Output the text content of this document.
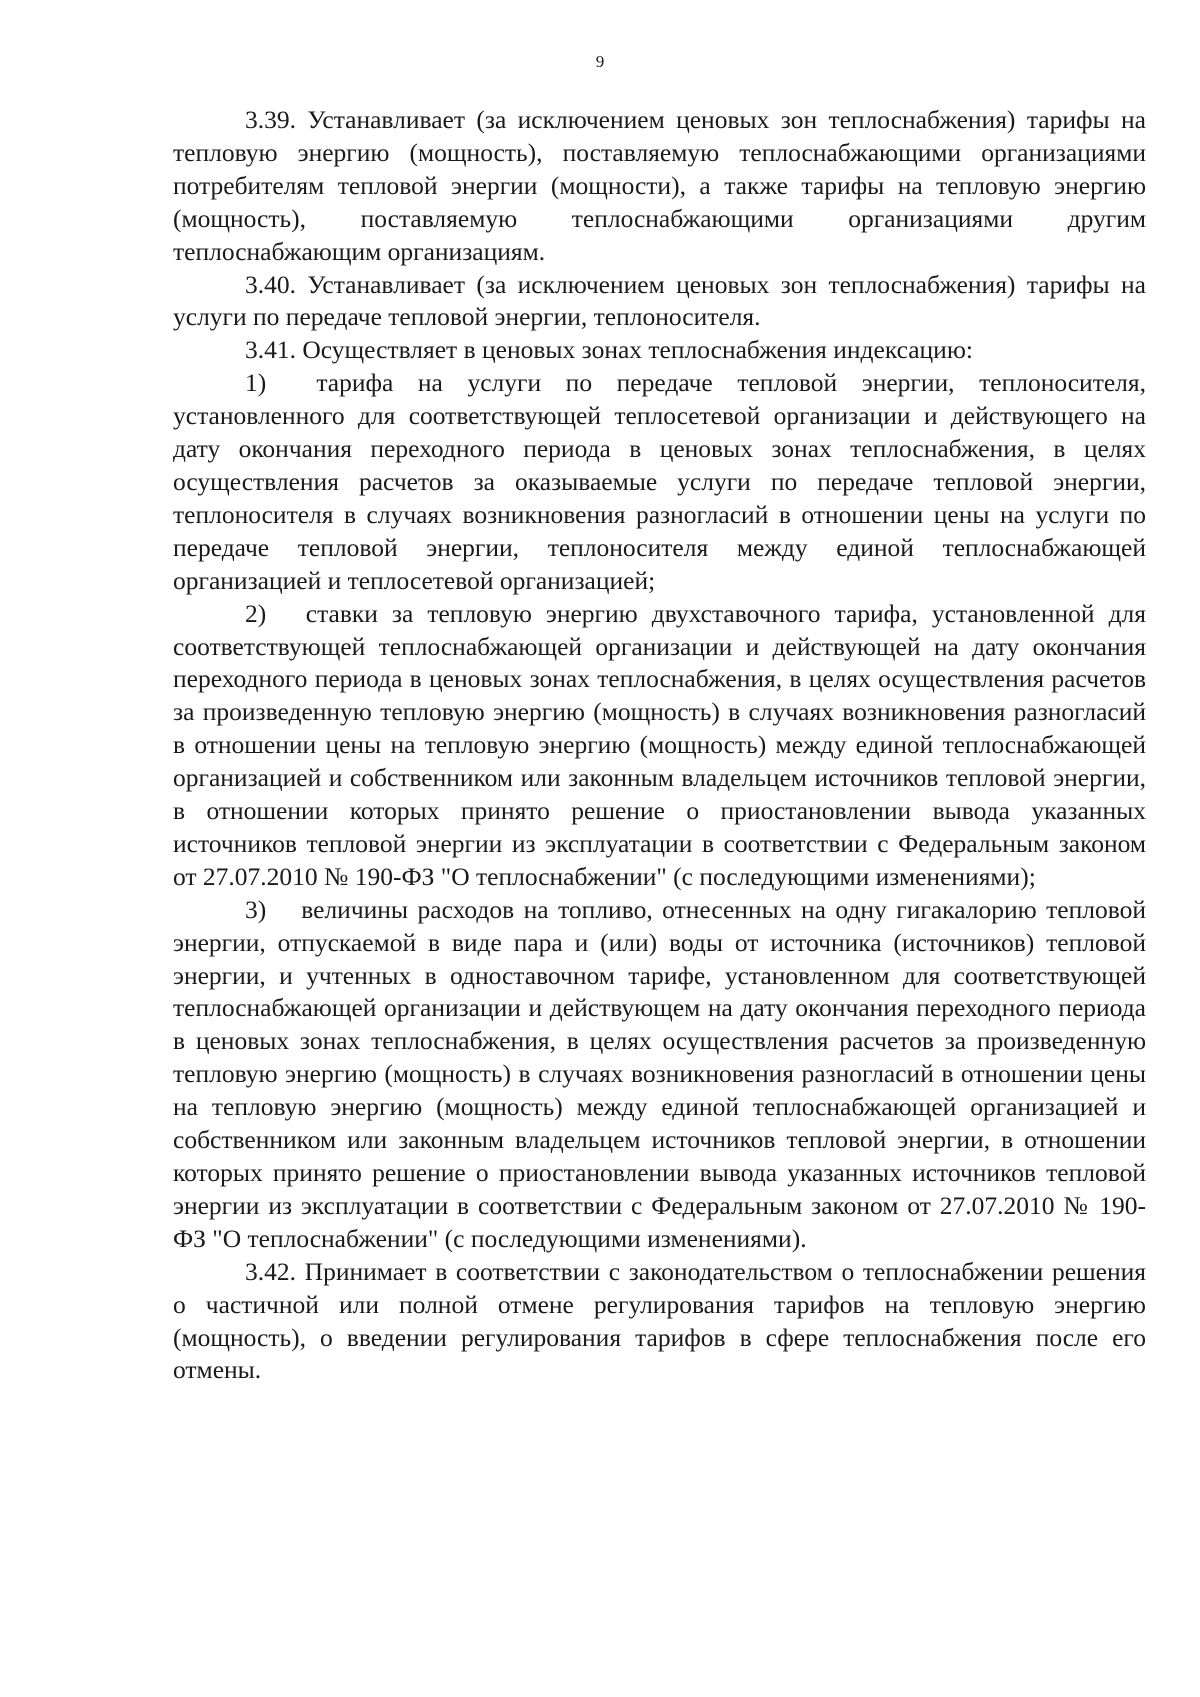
9

3.39. Устанавливает (за исключением ценовых зон теплоснабжения) тарифы на тепловую энергию (мощность), поставляемую теплоснабжающими организациями потребителям тепловой энергии (мощности), а также тарифы на тепловую энергию (мощность), поставляемую теплоснабжающими организациями другим теплоснабжающим организациям.

3.40. Устанавливает (за исключением ценовых зон теплоснабжения) тарифы на услуги по передаче тепловой энергии, теплоносителя.

3.41. Осуществляет в ценовых зонах теплоснабжения индексацию:

1)  тарифа на услуги по передаче тепловой энергии, теплоносителя, установленного для соответствующей теплосетевой организации и действующего на дату окончания переходного периода в ценовых зонах теплоснабжения, в целях осуществления расчетов за оказываемые услуги по передаче тепловой энергии, теплоносителя в случаях возникновения разногласий в отношении цены на услуги по передаче тепловой энергии, теплоносителя между единой теплоснабжающей организацией и теплосетевой организацией;

2)  ставки за тепловую энергию двухставочного тарифа, установленной для соответствующей теплоснабжающей организации и действующей на дату окончания переходного периода в ценовых зонах теплоснабжения, в целях осуществления расчетов за произведенную тепловую энергию (мощность) в случаях возникновения разногласий в отношении цены на тепловую энергию (мощность) между единой теплоснабжающей организацией и собственником или законным владельцем источников тепловой энергии, в отношении которых принято решение о приостановлении вывода указанных источников тепловой энергии из эксплуатации в соответствии с Федеральным законом от 27.07.2010 № 190-ФЗ "О теплоснабжении" (с последующими изменениями);

3)  величины расходов на топливо, отнесенных на одну гигакалорию тепловой энергии, отпускаемой в виде пара и (или) воды от источника (источников) тепловой энергии, и учтенных в одноставочном тарифе, установленном для соответствующей теплоснабжающей организации и действующем на дату окончания переходного периода в ценовых зонах теплоснабжения, в целях осуществления расчетов за произведенную тепловую энергию (мощность) в случаях возникновения разногласий в отношении цены на тепловую энергию (мощность) между единой теплоснабжающей организацией и собственником или законным владельцем источников тепловой энергии, в отношении которых принято решение о приостановлении вывода указанных источников тепловой энергии из эксплуатации в соответствии с Федеральным законом от 27.07.2010 № 190-ФЗ "О теплоснабжении" (с последующими изменениями).

3.42. Принимает в соответствии с законодательством о теплоснабжении решения о частичной или полной отмене регулирования тарифов на тепловую энергию (мощность), о введении регулирования тарифов в сфере теплоснабжения после его отмены.
